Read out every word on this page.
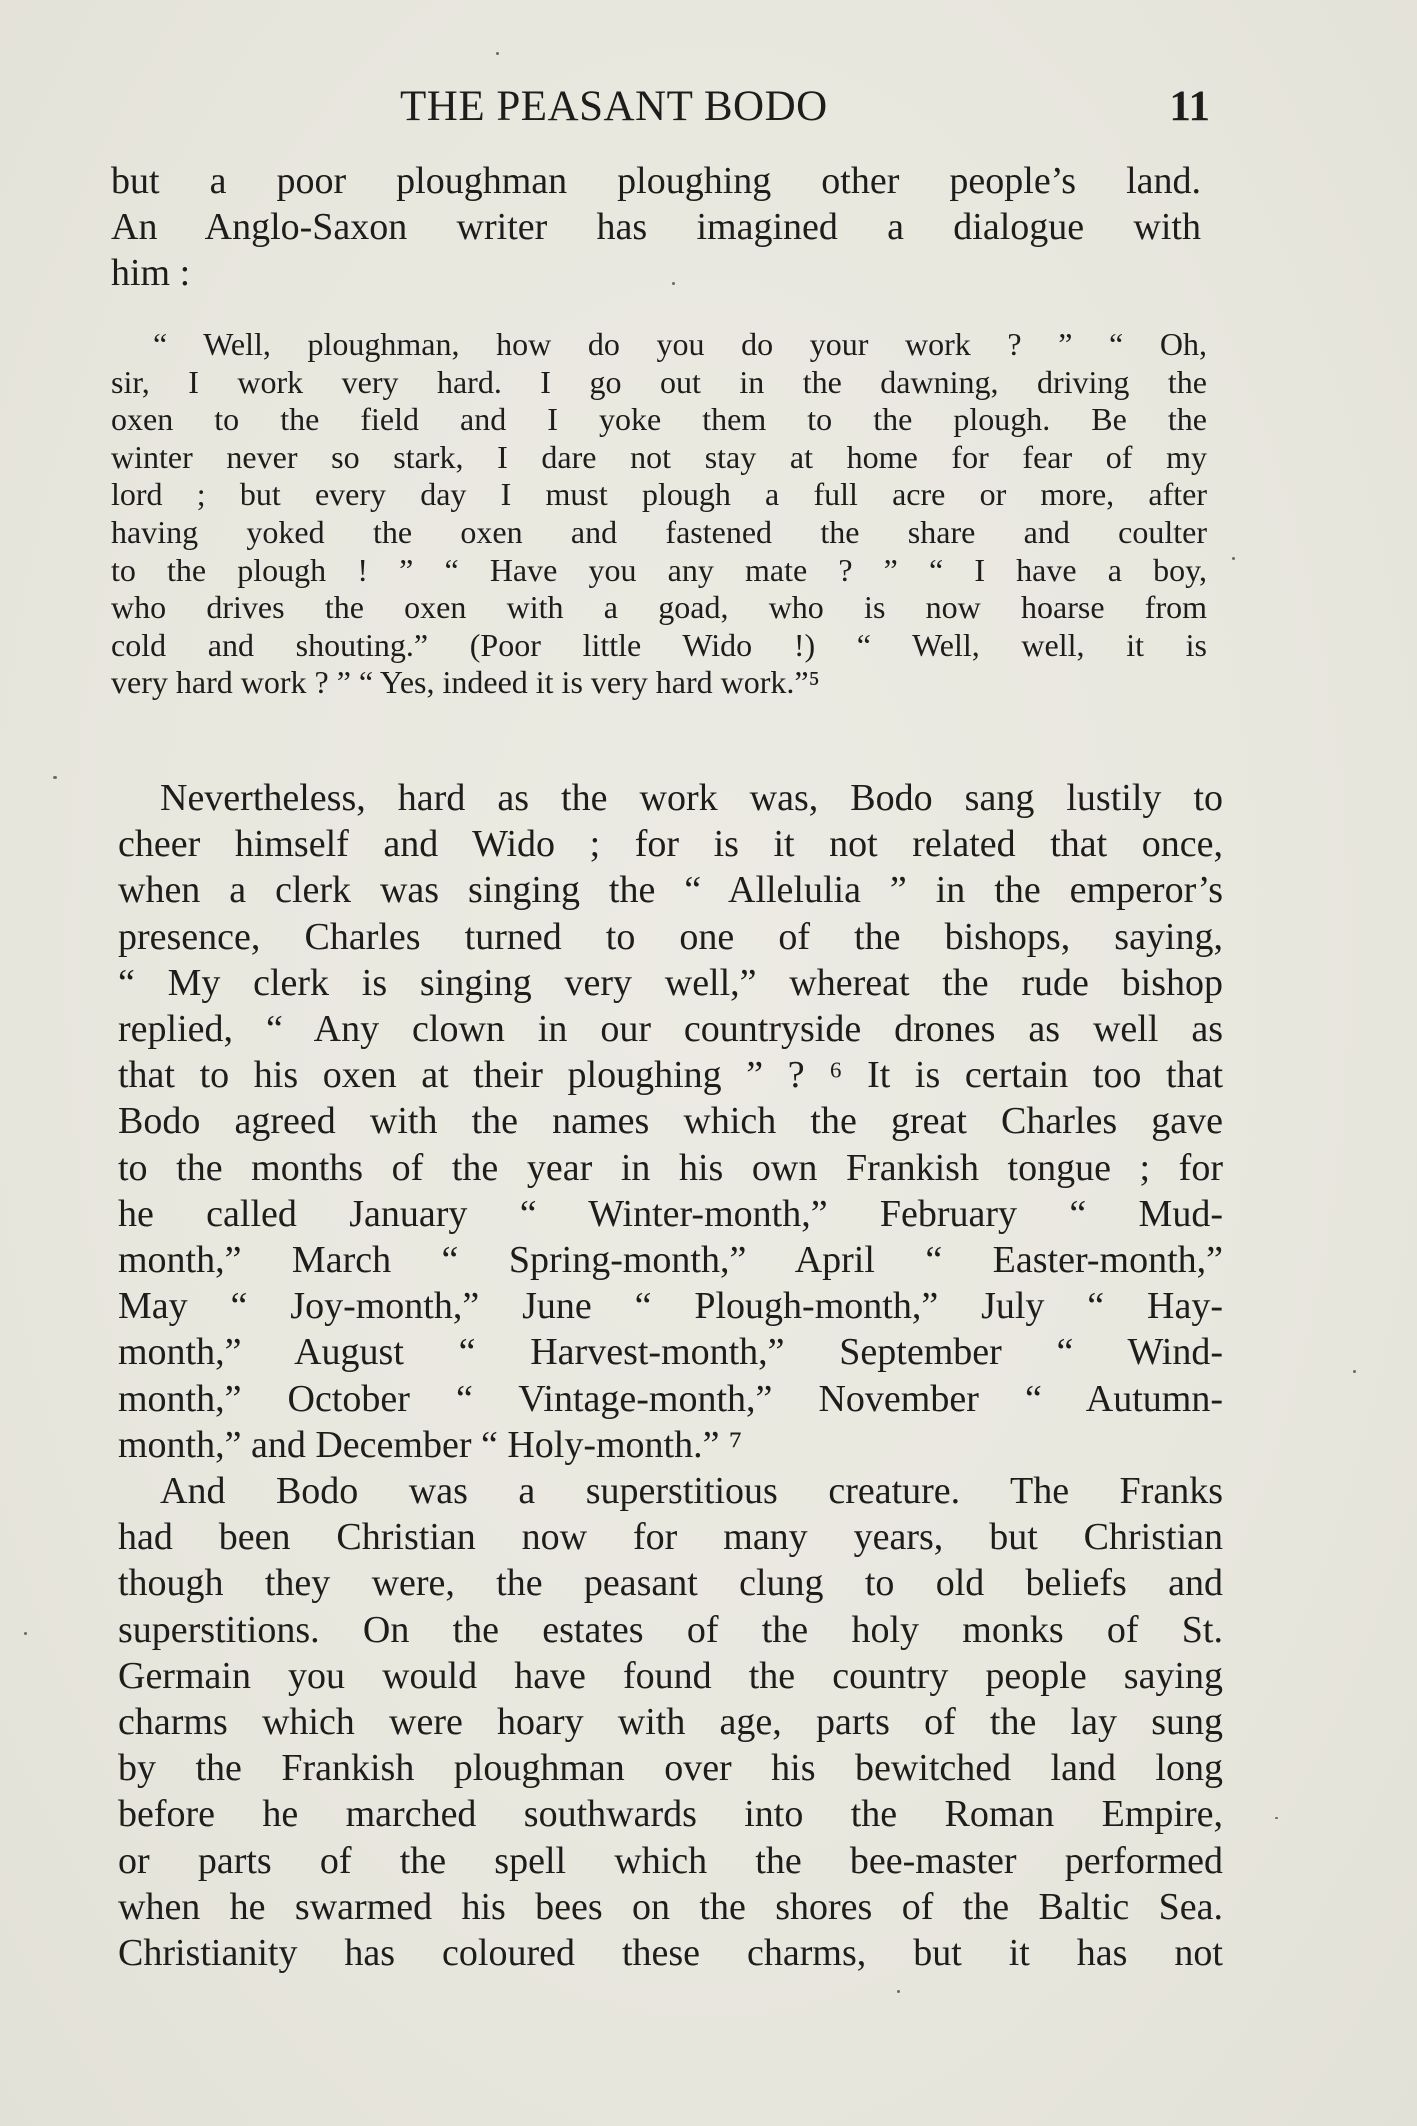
THE PEASANT BODO	11
but a poor ploughman ploughing other people’s land.
An Anglo-Saxon writer has imagined a dialogue with
him :
“ Well, ploughman, how do you do your work ? ” “ Oh,
sir, I work very hard. I go out in the dawning, driving the
oxen to the field and I yoke them to the plough. Be the
winter never so stark, I dare not stay at home for fear of my
lord ; but every day I must plough a full acre or more, after
having yoked the oxen and fastened the share and coulter
to the plough ! ” “ Have you any mate ? ” “ I have a boy,
who drives the oxen with a goad, who is now hoarse from
cold and shouting.” (Poor little Wido !) “ Well, well, it is
very hard work ? ” “ Yes, indeed it is very hard work.”⁵
Nevertheless, hard as the work was, Bodo sang lustily to
cheer himself and Wido ; for is it not related that once,
when a clerk was singing the “ Allelulia ” in the emperor’s
presence, Charles turned to one of the bishops, saying,
“ My clerk is singing very well,” whereat the rude bishop
replied, “ Any clown in our countryside drones as well as
that to his oxen at their ploughing ” ? ⁶ It is certain too that
Bodo agreed with the names which the great Charles gave
to the months of the year in his own Frankish tongue ; for
he called January “ Winter-month,” February “ Mud-
month,” March “ Spring-month,” April “ Easter-month,”
May “ Joy-month,” June “ Plough-month,” July “ Hay-
month,” August “ Harvest-month,” September “ Wind-
month,” October “ Vintage-month,” November “ Autumn-
month,” and December “ Holy-month.” ⁷
And Bodo was a superstitious creature. The Franks
had been Christian now for many years, but Christian
though they were, the peasant clung to old beliefs and
superstitions. On the estates of the holy monks of St.
Germain you would have found the country people saying
charms which were hoary with age, parts of the lay sung
by the Frankish ploughman over his bewitched land long
before he marched southwards into the Roman Empire,
or parts of the spell which the bee-master performed
when he swarmed his bees on the shores of the Baltic Sea.
Christianity has coloured these charms, but it has not
